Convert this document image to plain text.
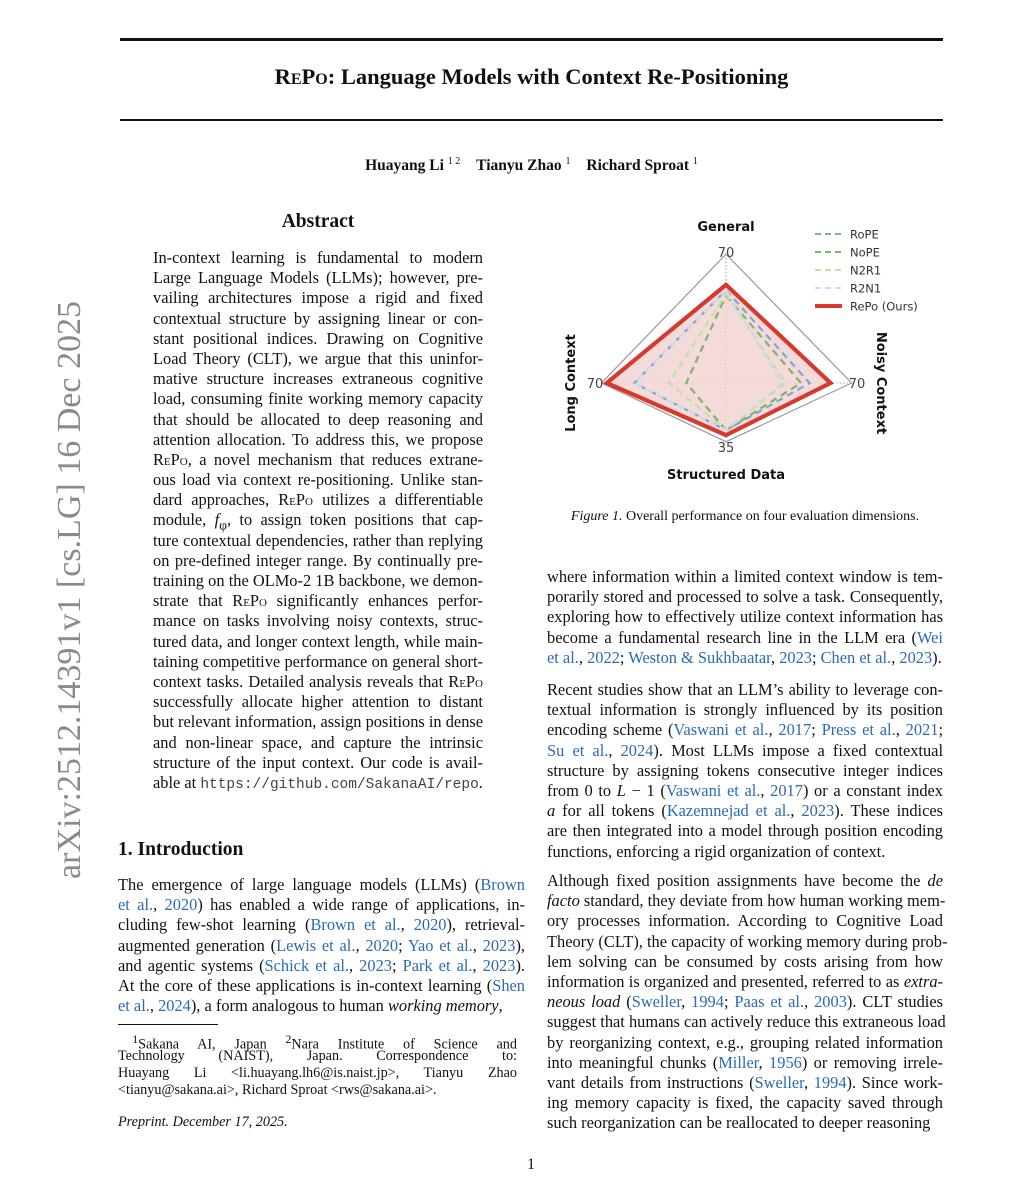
RePo: Language Models with Context Re-Positioning
Huayang Li $^{1 2}$ Tianyu Zhao $^1$ Richard Sproat $^1$
arXiv:2512.14391v1 [cs.LG] 16 Dec 2025
Abstract
In-context learning is fundamental to modern
Large Language Models (LLMs); however, pre-
vailing architectures impose a rigid and fixed
contextual structure by assigning linear or con-
stant positional indices. Drawing on Cognitive
Load Theory (CLT), we argue that this uninfor-
mative structure increases extraneous cognitive
load, consuming finite working memory capacity
that should be allocated to deep reasoning and
attention allocation. To address this, we propose
RePo, a novel mechanism that reduces extrane-
ous load via context re-positioning. Unlike stan-
dard approaches, RePo utilizes a differentiable
module, $f_\varphi$, to assign token positions that cap-
ture contextual dependencies, rather than replying
on pre-defined integer range. By continually pre-
training on the OLMo-2 1B backbone, we demon-
strate that RePo significantly enhances perfor-
mance on tasks involving noisy contexts, struc-
tured data, and longer context length, while main-
taining competitive performance on general short-
context tasks. Detailed analysis reveals that RePo
successfully allocate higher attention to distant
but relevant information, assign positions in dense
and non-linear space, and capture the intrinsic
structure of the input context. Our code is avail-
able at https://github.com/SakanaAI/repo.
1. Introduction
The emergence of large language models (LLMs) (Brown
et al., 2020) has enabled a wide range of applications, in-
cluding few-shot learning (Brown et al., 2020), retrieval-
augmented generation (Lewis et al., 2020; Yao et al., 2023),
and agentic systems (Schick et al., 2023; Park et al., 2023).
At the core of these applications is in-context learning (Shen
et al., 2024), a form analogous to human working memory,
 $^1$Sakana AI, Japan $^2$Nara Institute of Science and
Technology (NAIST), Japan. Correspondence to:
Huayang Li <li.huayang.lh6@is.naist.jp>, Tianyu Zhao
<tianyu@sakana.ai>, Richard Sproat <rws@sakana.ai>.
Preprint. December 17, 2025.
70
70
35
70
General
Noisy Context
Structured Data
Long Context
RoPE
NoPE
N2R1
R2N1
RePo (Ours)
Figure 1. Overall performance on four evaluation dimensions.
where information within a limited context window is tem-
porarily stored and processed to solve a task. Consequently,
exploring how to effectively utilize context information has
become a fundamental research line in the LLM era (Wei
et al., 2022; Weston & Sukhbaatar, 2023; Chen et al., 2023).
Recent studies show that an LLM’s ability to leverage con-
textual information is strongly influenced by its position
encoding scheme (Vaswani et al., 2017; Press et al., 2021;
Su et al., 2024). Most LLMs impose a fixed contextual
structure by assigning tokens consecutive integer indices
from 0 to L − 1 (Vaswani et al., 2017) or a constant index
a for all tokens (Kazemnejad et al., 2023). These indices
are then integrated into a model through position encoding
functions, enforcing a rigid organization of context.
Although fixed position assignments have become the de
facto standard, they deviate from how human working mem-
ory processes information. According to Cognitive Load
Theory (CLT), the capacity of working memory during prob-
lem solving can be consumed by costs arising from how
information is organized and presented, referred to as extra-
neous load (Sweller, 1994; Paas et al., 2003). CLT studies
suggest that humans can actively reduce this extraneous load
by reorganizing context, e.g., grouping related information
into meaningful chunks (Miller, 1956) or removing irrele-
vant details from instructions (Sweller, 1994). Since work-
ing memory capacity is fixed, the capacity saved through
such reorganization can be reallocated to deeper reasoning
1
